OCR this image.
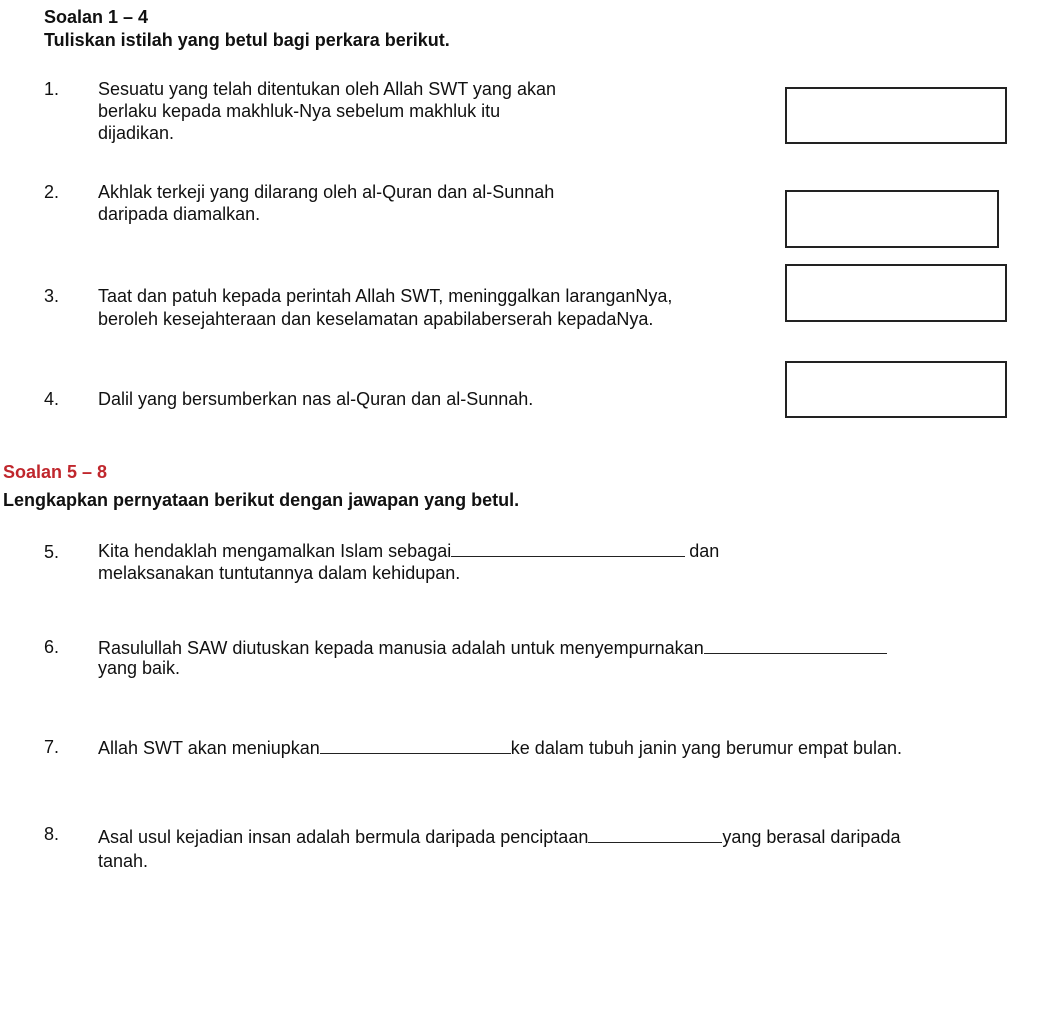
Soalan 1 – 4
Tuliskan istilah yang betul bagi perkara berikut.
1. Sesuatu yang telah ditentukan oleh Allah SWT yang akan
berlaku kepada makhluk-Nya sebelum makhluk itu
dijadikan.
2. Akhlak terkeji yang dilarang oleh al-Quran dan al-Sunnah
daripada diamalkan.
3. Taat dan patuh kepada perintah Allah SWT, meninggalkan laranganNya,
beroleh kesejahteraan dan keselamatan apabilaberserah kepadaNya.
4. Dalil yang bersumberkan nas al-Quran dan al-Sunnah.
Soalan 5 – 8
Lengkapkan pernyataan berikut dengan jawapan yang betul.
5. Kita hendaklah mengamalkan Islam sebagai	dan
melaksanakan tuntutannya dalam kehidupan.
6. Rasulullah SAW diutuskan kepada manusia adalah untuk menyempurnakan
yang baik.
7. Allah SWT akan meniupkan	ke dalam tubuh janin yang berumur empat bulan.
8. Asal usul kejadian insan adalah bermula daripada penciptaan	yang berasal daripada
tanah.
